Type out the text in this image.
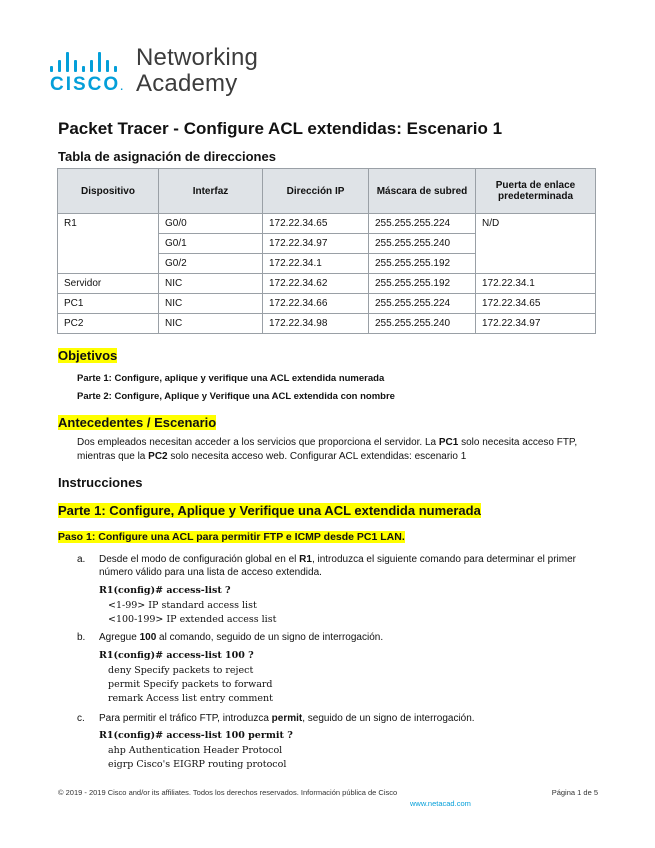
CISCO.
Networking
Academy
Packet Tracer - Configure ACL extendidas: Escenario 1
Tabla de asignación de direcciones
Dispositivo	Interfaz	Dirección IP	Máscara de subred	Puerta de enlace predeterminada
R1	G0/0	172.22.34.65	255.255.255.224	N/D
	G0/1	172.22.34.97	255.255.255.240	
	G0/2	172.22.34.1	255.255.255.192	
Servidor	NIC	172.22.34.62	255.255.255.192	172.22.34.1
PC1	NIC	172.22.34.66	255.255.255.224	172.22.34.65
PC2	NIC	172.22.34.98	255.255.255.240	172.22.34.97
Objetivos
Parte 1: Configure, aplique y verifique una ACL extendida numerada
Parte 2: Configure, Aplique y Verifique una ACL extendida con nombre
Antecedentes / Escenario
Dos empleados necesitan acceder a los servicios que proporciona el servidor. La PC1 solo necesita acceso FTP, mientras que la PC2 solo necesita acceso web. Configurar ACL extendidas: escenario 1
Instrucciones
Parte 1: Configure, Aplique y Verifique una ACL extendida numerada
Paso 1: Configure una ACL para permitir FTP e ICMP desde PC1 LAN.
a. Desde el modo de configuración global en el R1, introduzca el siguiente comando para determinar el primer número válido para una lista de acceso extendida.
R1(config)# access-list ?
<1-99> IP standard access list
<100-199> IP extended access list
b. Agregue 100 al comando, seguido de un signo de interrogación.
R1(config)# access-list 100 ?
deny Specify packets to reject
permit Specify packets to forward
remark Access list entry comment
c. Para permitir el tráfico FTP, introduzca permit, seguido de un signo de interrogación.
R1(config)# access-list 100 permit ?
ahp Authentication Header Protocol
eigrp Cisco's EIGRP routing protocol
© 2019 - 2019 Cisco and/or its affiliates. Todos los derechos reservados. Información pública de Cisco	Página 1 de 5
www.netacad.com
